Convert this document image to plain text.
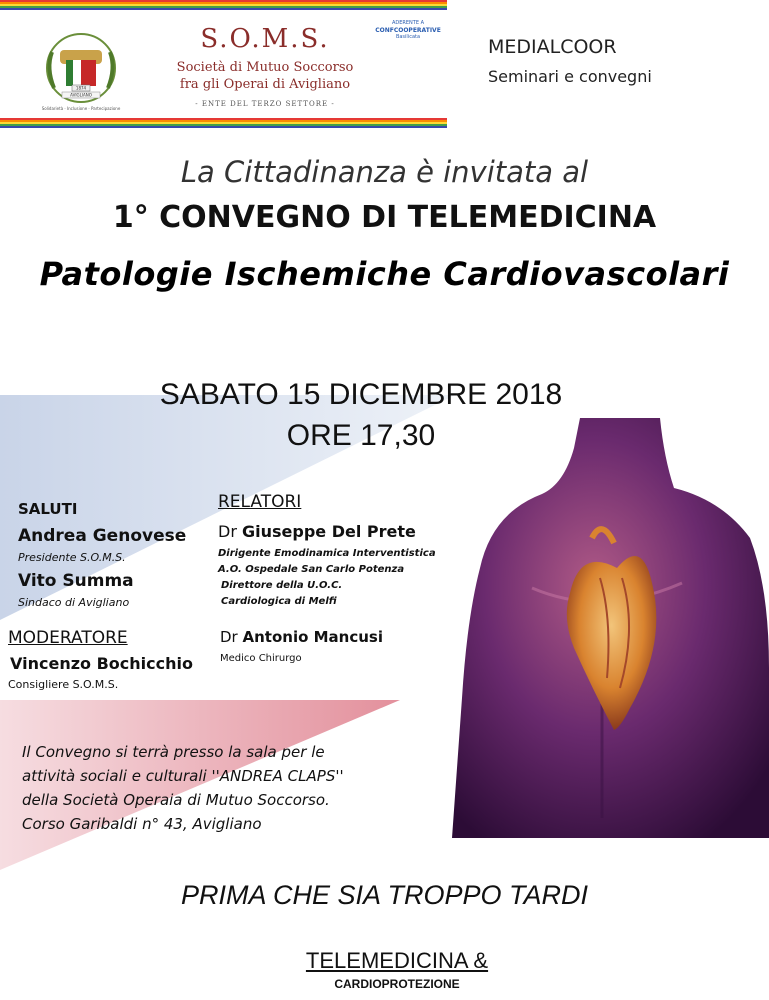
1874
AVIGLIANO
Solidarietà · Inclusione · Partecipazione
S.O.M.S.
Società di Mutuo Soccorso
fra gli Operai di Avigliano
- ENTE DEL TERZO SETTORE -
ADERENTE A
CONFCOOPERATIVE
Basilicata	MEDIALCOOR
Seminari e convegni
La Cittadinanza è invitata al
1° CONVEGNO DI TELEMEDICINA
Patologie Ischemiche Cardiovascolari
SABATO 15 DICEMBRE 2018
ORE 17,30
SALUTI
Andrea Genovese
Presidente S.O.M.S.
Vito Summa
Sindaco di Avigliano
MODERATORE
Vincenzo Bochicchio
Consigliere S.O.M.S.
RELATORI
Dr Giuseppe Del Prete
Dirigente Emodinamica Interventistica
A.O. Ospedale San Carlo Potenza
Direttore della U.O.C.
Cardiologica di Melfi
Dr Antonio Mancusi
Medico Chirurgo
Il Convegno si terrà presso la sala per le
attività sociali e culturali ''ANDREA CLAPS''
della Società Operaia di Mutuo Soccorso.
Corso Garibaldi n° 43, Avigliano
PRIMA CHE SIA TROPPO TARDI
TELEMEDICINA &
CARDIOPROTEZIONE
